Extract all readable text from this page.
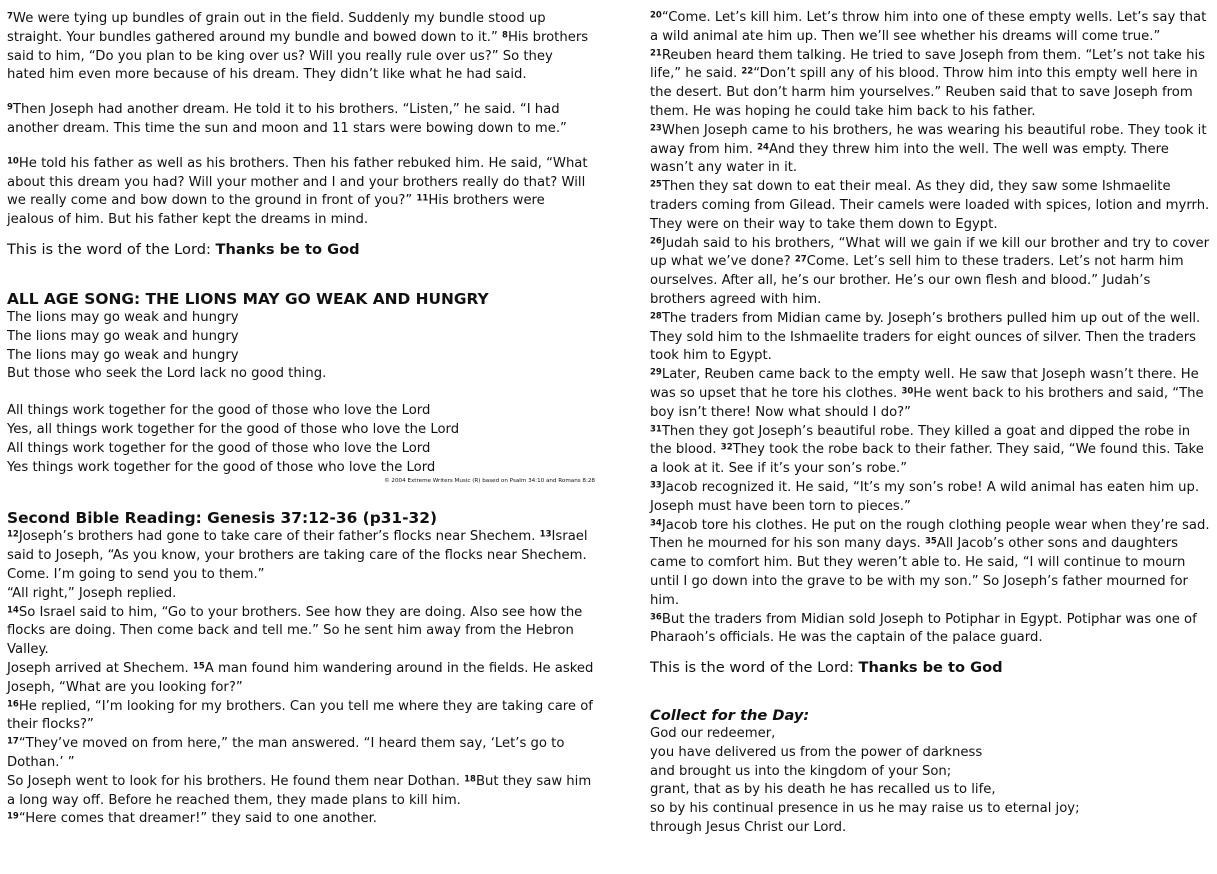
$^7$We were tying up bundles of grain out in the field. Suddenly my bundle stood up straight. Your bundles gathered around my bundle and bowed down to it.” $^8$His brothers said to him, “Do you plan to be king over us? Will you really rule over us?” So they hated him even more because of his dream. They didn’t like what he had said.

$^9$Then Joseph had another dream. He told it to his brothers. “Listen,” he said. “I had another dream. This time the sun and moon and 11 stars were bowing down to me.”

$^{10}$He told his father as well as his brothers. Then his father rebuked him. He said, “What about this dream you had? Will your mother and I and your brothers really do that? Will we really come and bow down to the ground in front of you?” $^{11}$His brothers were jealous of him. But his father kept the dreams in mind.

This is the word of the Lord: Thanks be to God

ALL AGE SONG: THE LIONS MAY GO WEAK AND HUNGRY
The lions may go weak and hungry
The lions may go weak and hungry
The lions may go weak and hungry
But those who seek the Lord lack no good thing.
All things work together for the good of those who love the Lord
Yes, all things work together for the good of those who love the Lord
All things work together for the good of those who love the Lord
Yes things work together for the good of those who love the Lord

© 2004 Extreme Writers Music (R) based on Psalm 34:10 and Romans 8:28

Second Bible Reading: Genesis 37:12-36 (p31-32)

$^{12}$Joseph’s brothers had gone to take care of their father’s flocks near Shechem. $^{13}$Israel said to Joseph, “As you know, your brothers are taking care of the flocks near Shechem. Come. I’m going to send you to them.”

“All right,” Joseph replied.

$^{14}$So Israel said to him, “Go to your brothers. See how they are doing. Also see how the flocks are doing. Then come back and tell me.” So he sent him away from the Hebron Valley.

Joseph arrived at Shechem. $^{15}$A man found him wandering around in the fields. He asked Joseph, “What are you looking for?”

$^{16}$He replied, “I’m looking for my brothers. Can you tell me where they are taking care of their flocks?”

$^{17}$“They’ve moved on from here,” the man answered. “I heard them say, ‘Let’s go to Dothan.’ ”

So Joseph went to look for his brothers. He found them near Dothan. $^{18}$But they saw him a long way off. Before he reached them, they made plans to kill him.

$^{19}$“Here comes that dreamer!” they said to one another.

$^{20}$“Come. Let’s kill him. Let’s throw him into one of these empty wells. Let’s say that a wild animal ate him up. Then we’ll see whether his dreams will come true.”

$^{21}$Reuben heard them talking. He tried to save Joseph from them. “Let’s not take his life,” he said. $^{22}$“Don’t spill any of his blood. Throw him into this empty well here in the desert. But don’t harm him yourselves.” Reuben said that to save Joseph from them. He was hoping he could take him back to his father.

$^{23}$When Joseph came to his brothers, he was wearing his beautiful robe. They took it away from him. $^{24}$And they threw him into the well. The well was empty. There wasn’t any water in it.

$^{25}$Then they sat down to eat their meal. As they did, they saw some Ishmaelite traders coming from Gilead. Their camels were loaded with spices, lotion and myrrh. They were on their way to take them down to Egypt.

$^{26}$Judah said to his brothers, “What will we gain if we kill our brother and try to cover up what we’ve done? $^{27}$Come. Let’s sell him to these traders. Let’s not harm him ourselves. After all, he’s our brother. He’s our own flesh and blood.” Judah’s brothers agreed with him.

$^{28}$The traders from Midian came by. Joseph’s brothers pulled him up out of the well. They sold him to the Ishmaelite traders for eight ounces of silver. Then the traders took him to Egypt.

$^{29}$Later, Reuben came back to the empty well. He saw that Joseph wasn’t there. He was so upset that he tore his clothes. $^{30}$He went back to his brothers and said, “The boy isn’t there! Now what should I do?”

$^{31}$Then they got Joseph’s beautiful robe. They killed a goat and dipped the robe in the blood. $^{32}$They took the robe back to their father. They said, “We found this. Take a look at it. See if it’s your son’s robe.”

$^{33}$Jacob recognized it. He said, “It’s my son’s robe! A wild animal has eaten him up. Joseph must have been torn to pieces.”

$^{34}$Jacob tore his clothes. He put on the rough clothing people wear when they’re sad. Then he mourned for his son many days. $^{35}$All Jacob’s other sons and daughters came to comfort him. But they weren’t able to. He said, “I will continue to mourn until I go down into the grave to be with my son.” So Joseph’s father mourned for him.

$^{36}$But the traders from Midian sold Joseph to Potiphar in Egypt. Potiphar was one of Pharaoh’s officials. He was the captain of the palace guard.

This is the word of the Lord: Thanks be to God

Collect for the Day:

God our redeemer,
you have delivered us from the power of darkness
and brought us into the kingdom of your Son;
grant, that as by his death he has recalled us to life,
so by his continual presence in us he may raise us to eternal joy;
through Jesus Christ our Lord.
